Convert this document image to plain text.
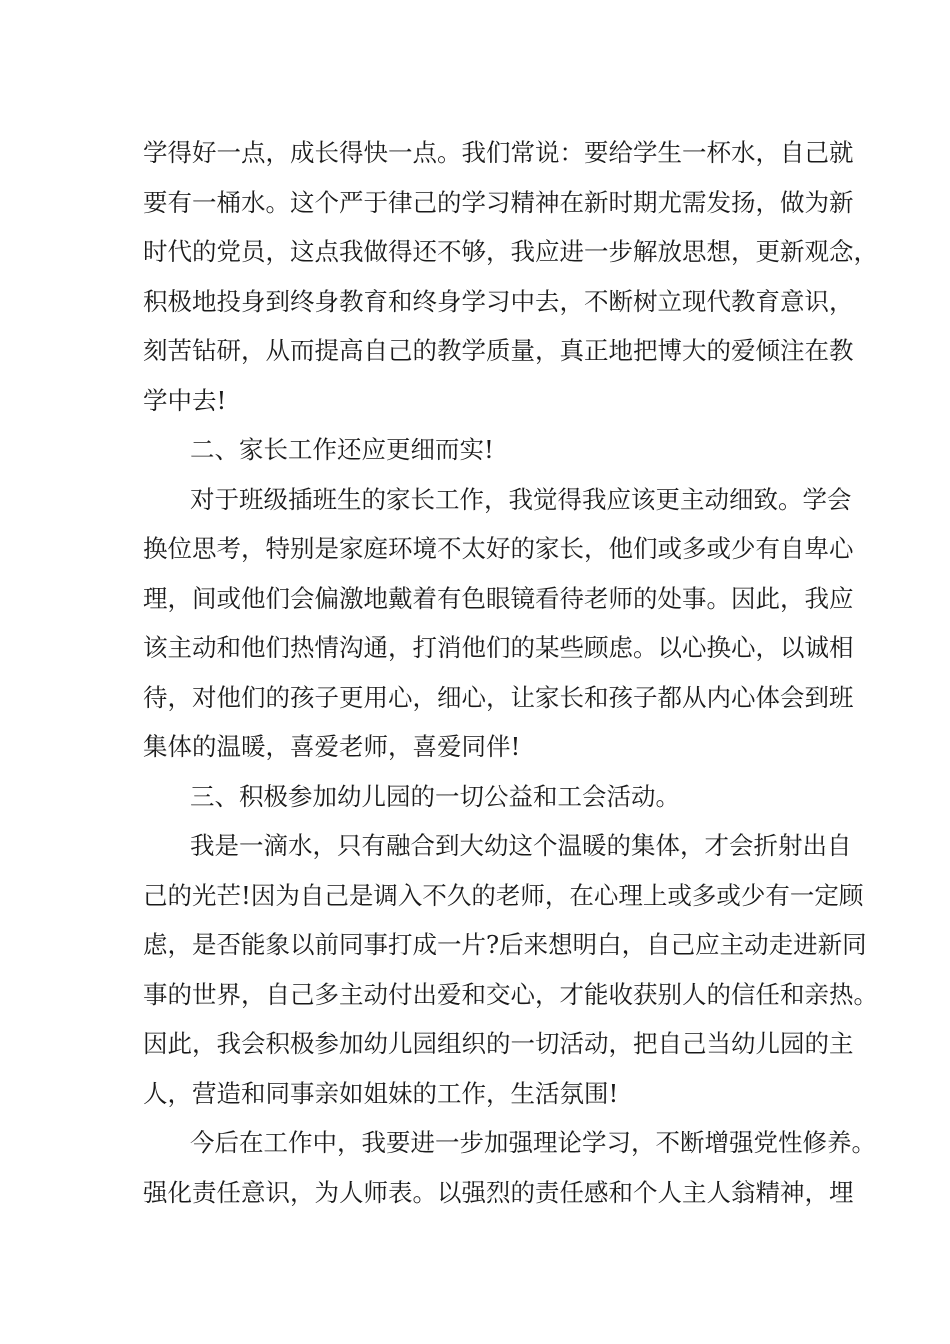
学得好一点，成长得快一点。我们常说：要给学生一杯水，自己就
要有一桶水。这个严于律己的学习精神在新时期尤需发扬，做为新
时代的党员，这点我做得还不够，我应进一步解放思想，更新观念，
积极地投身到终身教育和终身学习中去，不断树立现代教育意识，
刻苦钻研，从而提高自己的教学质量，真正地把博大的爱倾注在教
学中去!
二、家长工作还应更细而实!
对于班级插班生的家长工作，我觉得我应该更主动细致。学会
换位思考，特别是家庭环境不太好的家长，他们或多或少有自卑心
理，间或他们会偏激地戴着有色眼镜看待老师的处事。因此，我应
该主动和他们热情沟通，打消他们的某些顾虑。以心换心，以诚相
待，对他们的孩子更用心，细心，让家长和孩子都从内心体会到班
集体的温暖，喜爱老师，喜爱同伴!
三、积极参加幼儿园的一切公益和工会活动。
我是一滴水，只有融合到大幼这个温暖的集体，才会折射出自
己的光芒!因为自己是调入不久的老师，在心理上或多或少有一定顾
虑，是否能象以前同事打成一片?后来想明白，自己应主动走进新同
事的世界，自己多主动付出爱和交心，才能收获别人的信任和亲热。
因此，我会积极参加幼儿园组织的一切活动，把自己当幼儿园的主
人，营造和同事亲如姐妹的工作，生活氛围!
今后在工作中，我要进一步加强理论学习，不断增强党性修养。
强化责任意识，为人师表。以强烈的责任感和个人主人翁精神，埋
